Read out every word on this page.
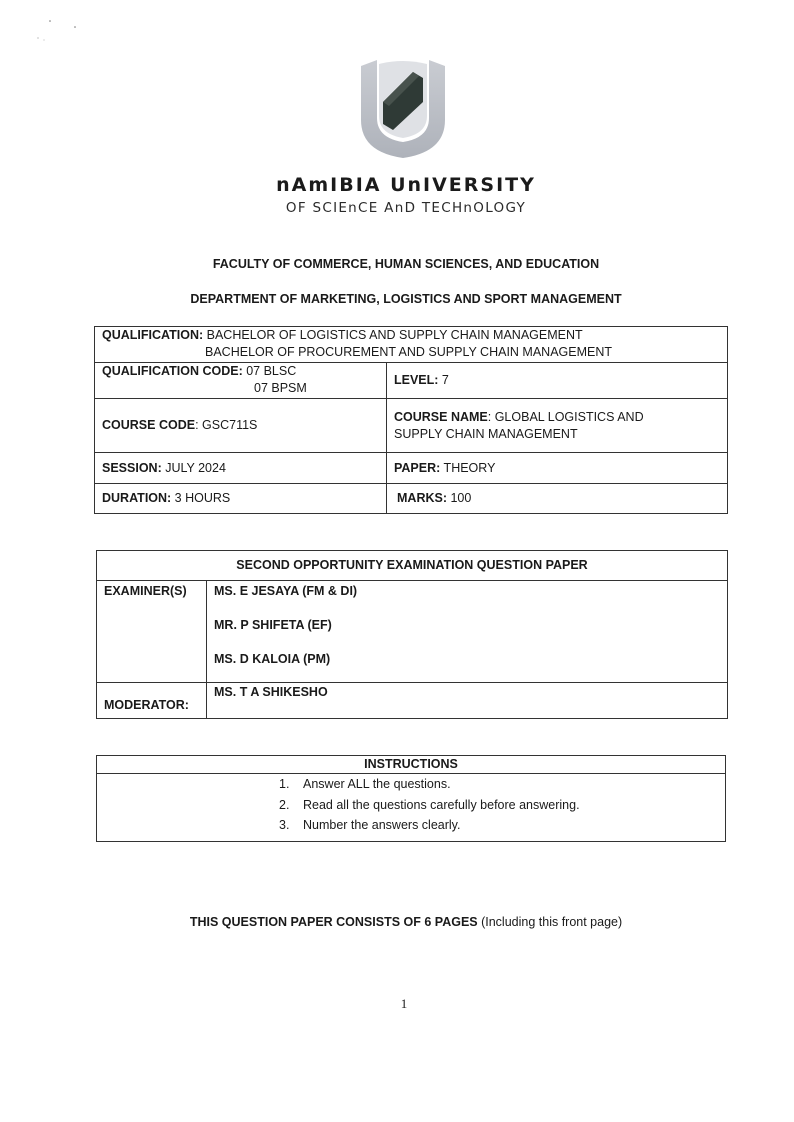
nAmIBIA UnIVERSITY
OF SCIEnCE AnD TECHnOLOGY
FACULTY OF COMMERCE, HUMAN SCIENCES, AND EDUCATION
DEPARTMENT OF MARKETING, LOGISTICS AND SPORT MANAGEMENT
QUALIFICATION: BACHELOR OF LOGISTICS AND SUPPLY CHAIN MANAGEMENT
BACHELOR OF PROCUREMENT AND SUPPLY CHAIN MANAGEMENT	
QUALIFICATION CODE: 07 BLSC
07 BPSM	LEVEL: 7
COURSE CODE: GSC711S	COURSE NAME: GLOBAL LOGISTICS AND SUPPLY CHAIN MANAGEMENT
SESSION: JULY 2024	PAPER: THEORY
DURATION: 3 HOURS	MARKS: 100
SECOND OPPORTUNITY EXAMINATION QUESTION PAPER	
EXAMINER(S)	MS. E JESAYA (FM & DI)
MR. P SHIFETA (EF)
MS. D KALOIA (PM)

MODERATOR:	MS. T A SHIKESHO
INSTRUCTIONS

1. Answer ALL the questions.
2. Read all the questions carefully before answering.
3. Number the answers clearly.
THIS QUESTION PAPER CONSISTS OF 6 PAGES (Including this front page)
1
